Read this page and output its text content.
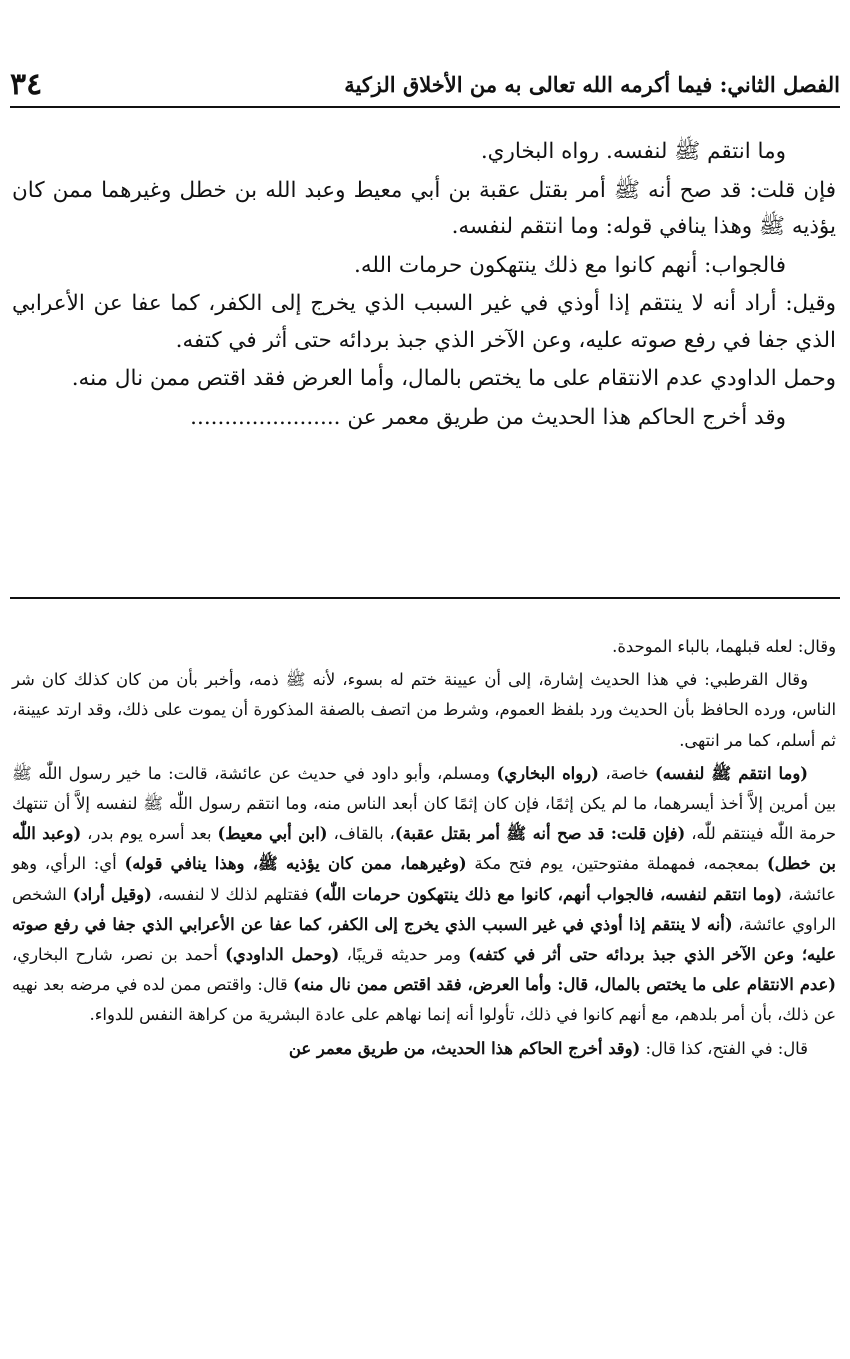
٣٤	الفصل الثاني: فيما أكرمه الله تعالى به من الأخلاق الزكية

وما انتقم ﷺ لنفسه. رواه البخاري.

فإن قلت: قد صح أنه ﷺ أمر بقتل عقبة بن أبي معيط وعبد الله بن خطل وغيرهما ممن كان يؤذيه ﷺ وهذا ينافي قوله: وما انتقم لنفسه.

فالجواب: أنهم كانوا مع ذلك ينتهكون حرمات الله.

وقيل: أراد أنه لا ينتقم إذا أوذي في غير السبب الذي يخرج إلى الكفر، كما عفا عن الأعرابي الذي جفا في رفع صوته عليه، وعن الآخر الذي جبذ بردائه حتى أثر في كتفه.

وحمل الداودي عدم الانتقام على ما يختص بالمال، وأما العرض فقد اقتص ممن نال منه.

وقد أخرج الحاكم هذا الحديث من طريق معمر عن ......................

وقال: لعله قبلهما، بالباء الموحدة.

وقال القرطبي: في هذا الحديث إشارة، إلى أن عيينة ختم له بسوء، لأنه ﷺ ذمه، وأخبر بأن من كان كذلك كان شر الناس، ورده الحافظ بأن الحديث ورد بلفظ العموم، وشرط من اتصف بالصفة المذكورة أن يموت على ذلك، وقد ارتد عيينة، ثم أسلم، كما مر انتهى.

(وما انتقم ﷺ لنفسه) خاصة، (رواه البخاري) ومسلم، وأبو داود في حديث عن عائشة، قالت: ما خير رسول اللّٰه ﷺ بين أمرين إلاَّ أخذ أيسرهما، ما لم يكن إثمًا، فإن كان إثمًا كان أبعد الناس منه، وما انتقم رسول اللّٰه ﷺ لنفسه إلاَّ أن تنتهك حرمة اللّٰه فينتقم للّٰه، (فإن قلت: قد صح أنه ﷺ أمر بقتل عقبة)، بالقاف، (ابن أبي معيط) بعد أسره يوم بدر، (وعبد اللّٰه بن خطل) بمعجمه، فمهملة مفتوحتين، يوم فتح مكة (وغيرهما، ممن كان يؤذيه ﷺ، وهذا ينافي قوله) أي: الرأي، وهو عائشة، (وما انتقم لنفسه، فالجواب أنهم، كانوا مع ذلك ينتهكون حرمات اللّٰه) فقتلهم لذلك لا لنفسه، (وقيل أراد) الشخص الراوي عائشة، (أنه لا ينتقم إذا أوذي في غير السبب الذي يخرج إلى الكفر، كما عفا عن الأعرابي الذي جفا في رفع صوته عليه؛ وعن الآخر الذي جبذ بردائه حتى أثر في كتفه) ومر حديثه قريبًا، (وحمل الداودي) أحمد بن نصر، شارح البخاري، (عدم الانتقام على ما يختص بالمال، قال: وأما العرض، فقد اقتص ممن نال منه) قال: واقتص ممن لده في مرضه بعد نهيه عن ذلك، بأن أمر بلدهم، مع أنهم كانوا في ذلك، تأولوا أنه إنما نهاهم على عادة البشرية من كراهة النفس للدواء.

قال: في الفتح، كذا قال: (وقد أخرج الحاكم هذا الحديث، من طريق معمر عن
